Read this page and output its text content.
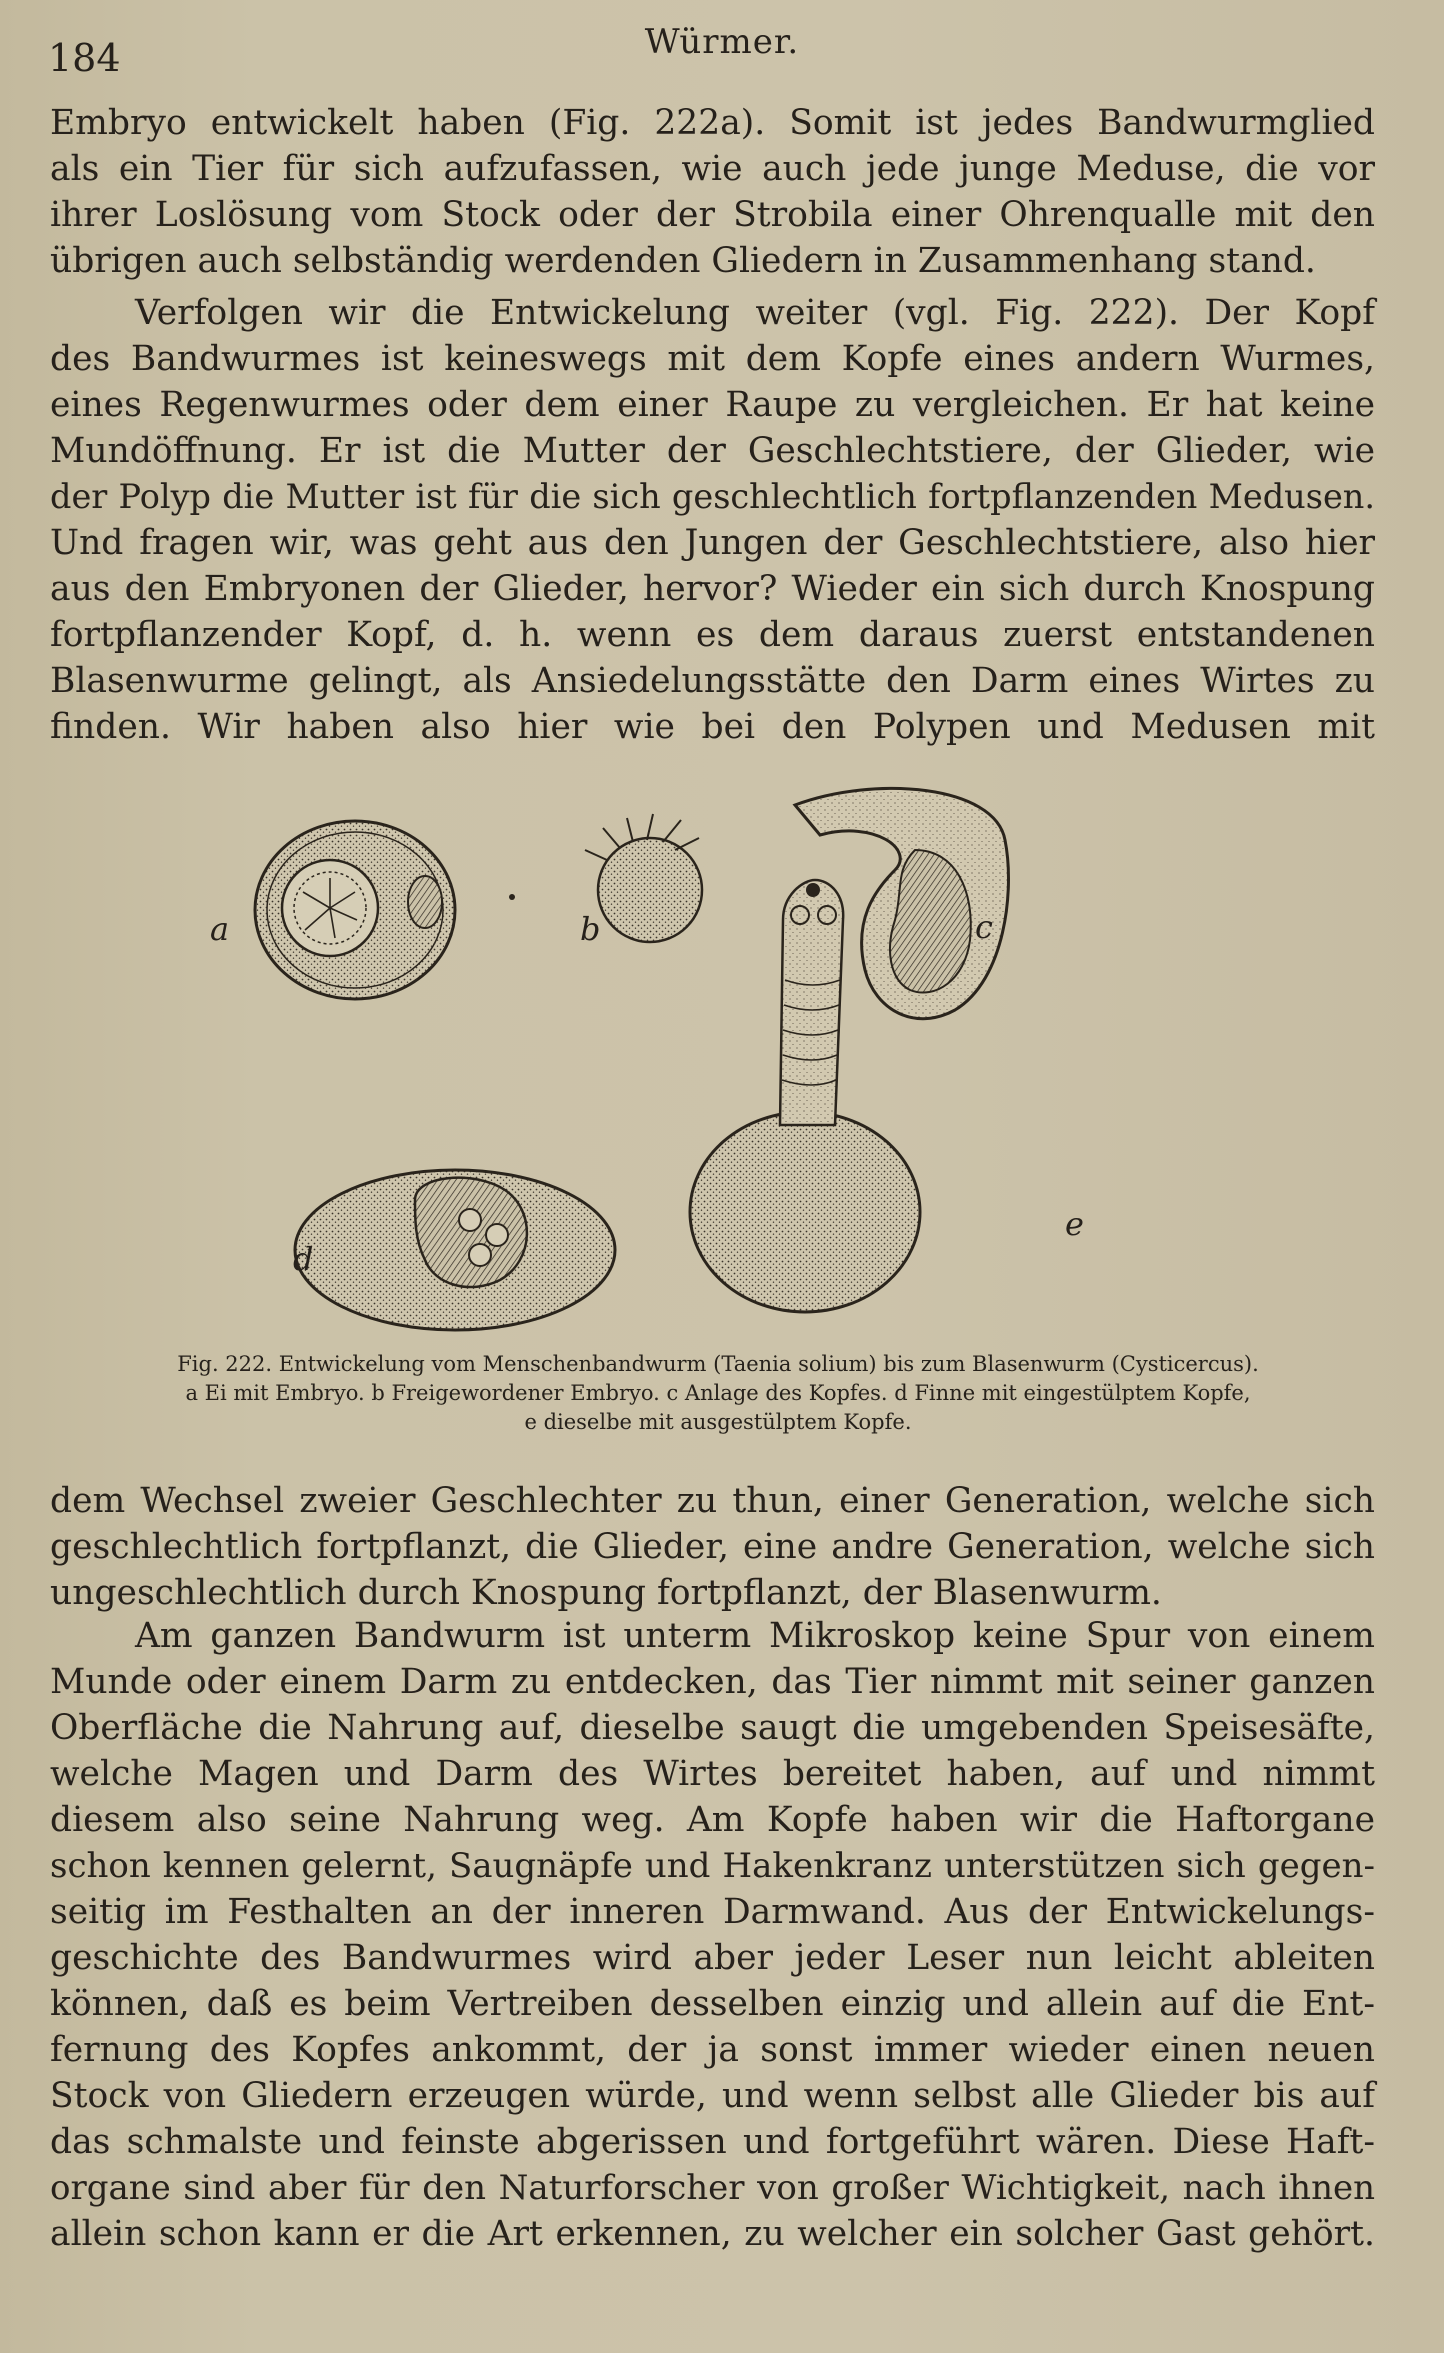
184	Würmer.
Embryo entwickelt haben (Fig. 222a). Somit ist jedes Bandwurmglied
als ein Tier für sich aufzufassen, wie auch jede junge Meduse, die vor
ihrer Loslösung vom Stock oder der Strobila einer Ohrenqualle mit den
übrigen auch selbständig werdenden Gliedern in Zusammenhang stand.
Verfolgen wir die Entwickelung weiter (vgl. Fig. 222). Der Kopf
des Bandwurmes ist keineswegs mit dem Kopfe eines andern Wurmes,
eines Regenwurmes oder dem einer Raupe zu vergleichen. Er hat keine
Mundöffnung. Er ist die Mutter der Geschlechtstiere, der Glieder, wie
der Polyp die Mutter ist für die sich geschlechtlich fortpflanzenden Medusen.
Und fragen wir, was geht aus den Jungen der Geschlechtstiere, also hier
aus den Embryonen der Glieder, hervor? Wieder ein sich durch Knospung
fortpflanzender Kopf, d. h. wenn es dem daraus zuerst entstandenen
Blasenwurme gelingt, als Ansiedelungsstätte den Darm eines Wirtes zu
finden. Wir haben also hier wie bei den Polypen und Medusen mit
a	b	c
d
e
Fig. 222. Entwickelung vom Menschenbandwurm (Taenia solium) bis zum Blasenwurm (Cysticercus).
a Ei mit Embryo. b Freigewordener Embryo. c Anlage des Kopfes. d Finne mit eingestülptem Kopfe,
e dieselbe mit ausgestülptem Kopfe.
dem Wechsel zweier Geschlechter zu thun, einer Generation, welche sich
geschlechtlich fortpflanzt, die Glieder, eine andre Generation, welche sich
ungeschlechtlich durch Knospung fortpflanzt, der Blasenwurm.
Am ganzen Bandwurm ist unterm Mikroskop keine Spur von einem
Munde oder einem Darm zu entdecken, das Tier nimmt mit seiner ganzen
Oberfläche die Nahrung auf, dieselbe saugt die umgebenden Speisesäfte,
welche Magen und Darm des Wirtes bereitet haben, auf und nimmt
diesem also seine Nahrung weg. Am Kopfe haben wir die Haftorgane
schon kennen gelernt, Saugnäpfe und Hakenkranz unterstützen sich gegen-
seitig im Festhalten an der inneren Darmwand. Aus der Entwickelungs-
geschichte des Bandwurmes wird aber jeder Leser nun leicht ableiten
können, daß es beim Vertreiben desselben einzig und allein auf die Ent-
fernung des Kopfes ankommt, der ja sonst immer wieder einen neuen
Stock von Gliedern erzeugen würde, und wenn selbst alle Glieder bis auf
das schmalste und feinste abgerissen und fortgeführt wären. Diese Haft-
organe sind aber für den Naturforscher von großer Wichtigkeit, nach ihnen
allein schon kann er die Art erkennen, zu welcher ein solcher Gast gehört.
